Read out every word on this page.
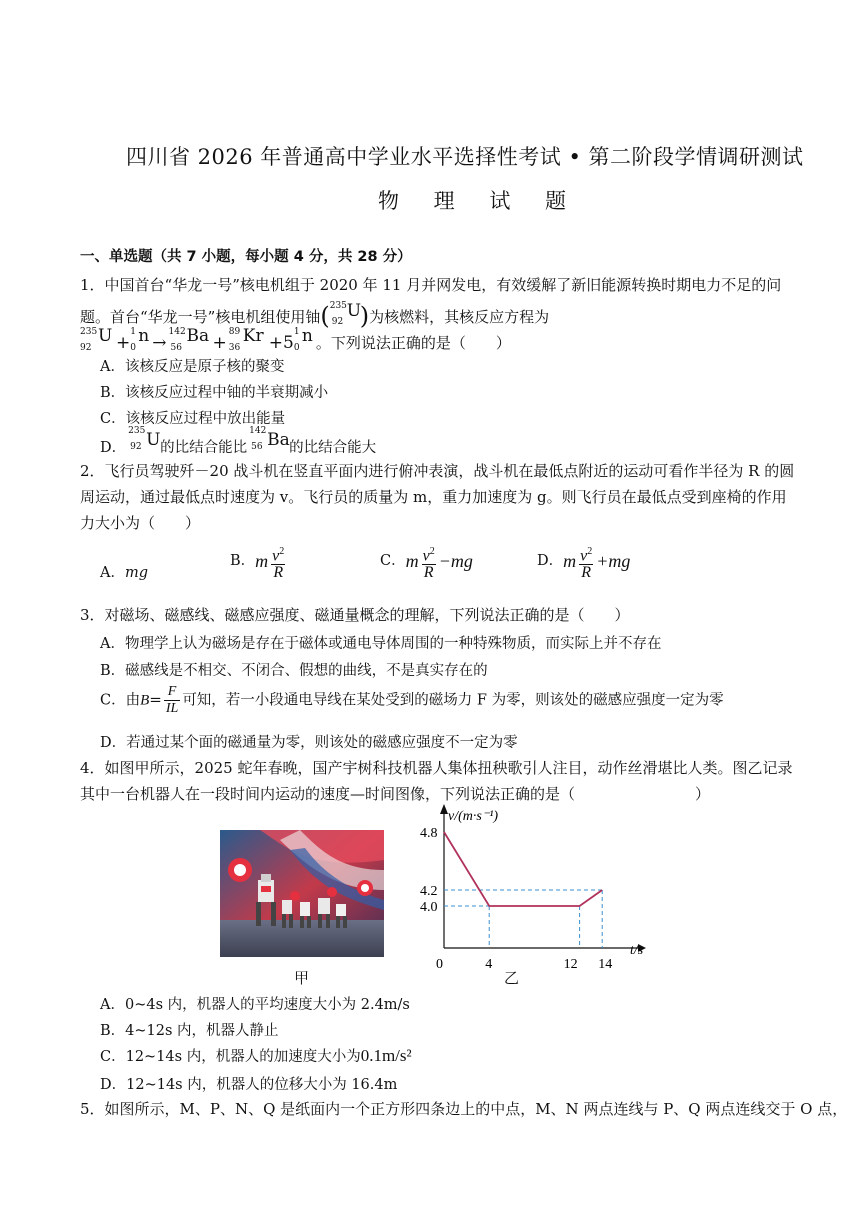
四川省 2026 年普通高中学业水平选择性考试 • 第二阶段学情调研测试
物 理 试 题
一、单选题（共 7 小题，每小题 4 分，共 28 分）
1．中国首台“华龙一号”核电机组于 2020 年 11 月并网发电，有效缓解了新旧能源转换时期电力不足的问
题。首台“华龙一号”核电机组使用铀( 235
92
U
)为核燃料，其核反应方程为
235
92
U +
1
0
n →
142
56
Ba +
89
36
Kr +5
1
0
n 。下列说法正确的是（　　）
A．该核反应是原子核的聚变
B．该核反应过程中铀的半衰期减小
C．该核反应过程中放出能量
D．
235
92 U 的比结合能比
142
56 Ba 的比结合能大
2．飞行员驾驶歼－20 战斗机在竖直平面内进行俯冲表演，战斗机在最低点附近的运动可看作半径为 R 的圆
周运动，通过最低点时速度为 v。飞行员的质量为 m，重力加速度为 g。则飞行员在最低点受到座椅的作用
力大小为（　　）
A．mg
B．m $\frac{v^2}{R}$	C．m $\frac{v^2}{R} -mg$	D．m $\frac{v^2}{R} +mg$
3．对磁场、磁感线、磁感应强度、磁通量概念的理解，下列说法正确的是（　　）
A．物理学上认为磁场是存在于磁体或通电导体周围的一种特殊物质，而实际上并不存在
B．磁感线是不相交、不闭合、假想的曲线，不是真实存在的
C．由$B= \frac{F}{IL}$ 可知，若一小段通电导线在某处受到的磁场力 F 为零，则该处的磁感应强度一定为零
D．若通过某个面的磁通量为零，则该处的磁感应强度不一定为零
4．如图甲所示，2025 蛇年春晚，国产宇树科技机器人集体扭秧歌引人注目，动作丝滑堪比人类。图乙记录
其中一台机器人在一段时间内运动的速度—时间图像，下列说法正确的是（　　　　　　　　）
甲
4.0
4.2
4.8
0	4	12 14
v/(m·s⁻¹)
t/s
乙
A．0~4s 内，机器人的平均速度大小为 2.4m/s
B．4~12s 内，机器人静止
C．12~14s 内，机器人的加速度大小为0.1m/s²
D．12~14s 内，机器人的位移大小为 16.4m
5．如图所示，M、P、N、Q 是纸面内一个正方形四条边上的中点，M、N 两点连线与 P、Q 两点连线交于 O 点，
